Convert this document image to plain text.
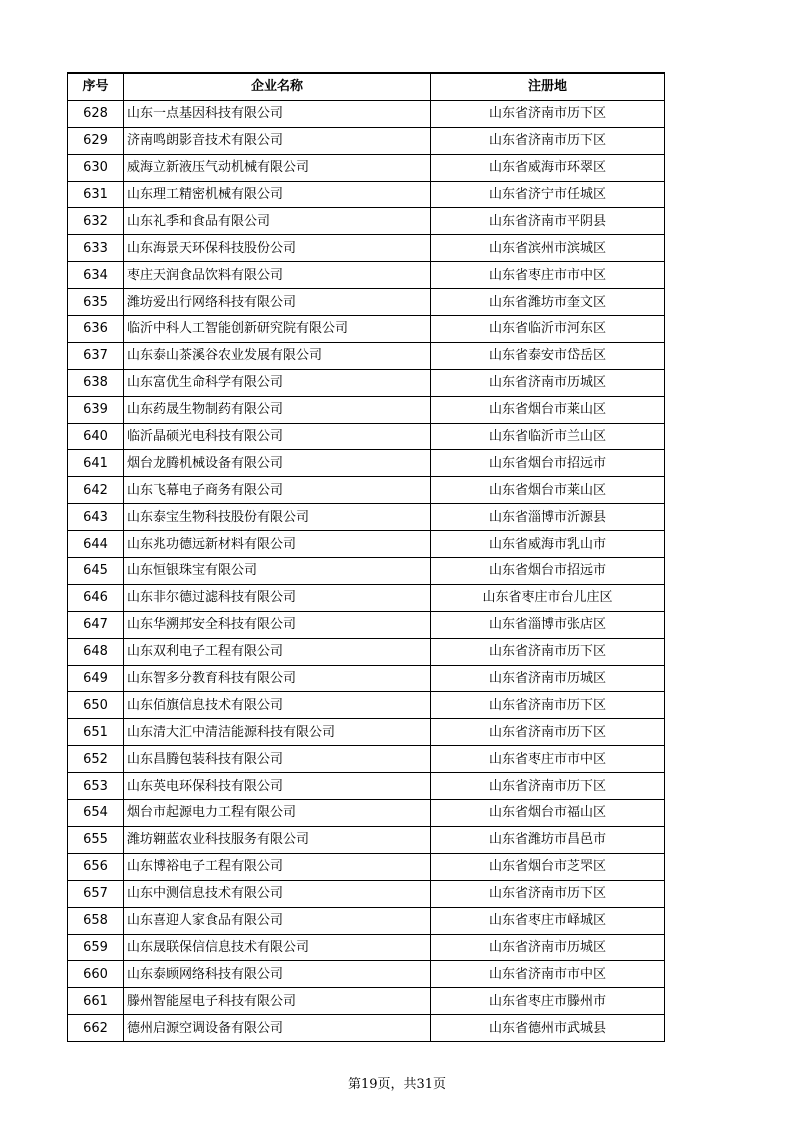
序号	企业名称	注册地
628	山东一点基因科技有限公司	山东省济南市历下区
629	济南鸣朗影音技术有限公司	山东省济南市历下区
630	威海立新液压气动机械有限公司	山东省威海市环翠区
631	山东理工精密机械有限公司	山东省济宁市任城区
632	山东礼季和食品有限公司	山东省济南市平阴县
633	山东海景天环保科技股份公司	山东省滨州市滨城区
634	枣庄天润食品饮料有限公司	山东省枣庄市市中区
635	潍坊爱出行网络科技有限公司	山东省潍坊市奎文区
636	临沂中科人工智能创新研究院有限公司	山东省临沂市河东区
637	山东泰山茶溪谷农业发展有限公司	山东省泰安市岱岳区
638	山东富优生命科学有限公司	山东省济南市历城区
639	山东药晟生物制药有限公司	山东省烟台市莱山区
640	临沂晶硕光电科技有限公司	山东省临沂市兰山区
641	烟台龙腾机械设备有限公司	山东省烟台市招远市
642	山东飞幕电子商务有限公司	山东省烟台市莱山区
643	山东泰宝生物科技股份有限公司	山东省淄博市沂源县
644	山东兆功德远新材料有限公司	山东省威海市乳山市
645	山东恒银珠宝有限公司	山东省烟台市招远市
646	山东非尔德过滤科技有限公司	山东省枣庄市台儿庄区
647	山东华溯邦安全科技有限公司	山东省淄博市张店区
648	山东双利电子工程有限公司	山东省济南市历下区
649	山东智多分教育科技有限公司	山东省济南市历城区
650	山东佰旗信息技术有限公司	山东省济南市历下区
651	山东清大汇中清洁能源科技有限公司	山东省济南市历下区
652	山东昌腾包装科技有限公司	山东省枣庄市市中区
653	山东英电环保科技有限公司	山东省济南市历下区
654	烟台市起源电力工程有限公司	山东省烟台市福山区
655	潍坊翱蓝农业科技服务有限公司	山东省潍坊市昌邑市
656	山东博裕电子工程有限公司	山东省烟台市芝罘区
657	山东中测信息技术有限公司	山东省济南市历下区
658	山东喜迎人家食品有限公司	山东省枣庄市峄城区
659	山东晟联保信信息技术有限公司	山东省济南市历城区
660	山东泰顾网络科技有限公司	山东省济南市市中区
661	滕州智能屋电子科技有限公司	山东省枣庄市滕州市
662	德州启源空调设备有限公司	山东省德州市武城县
第19页，共31页
